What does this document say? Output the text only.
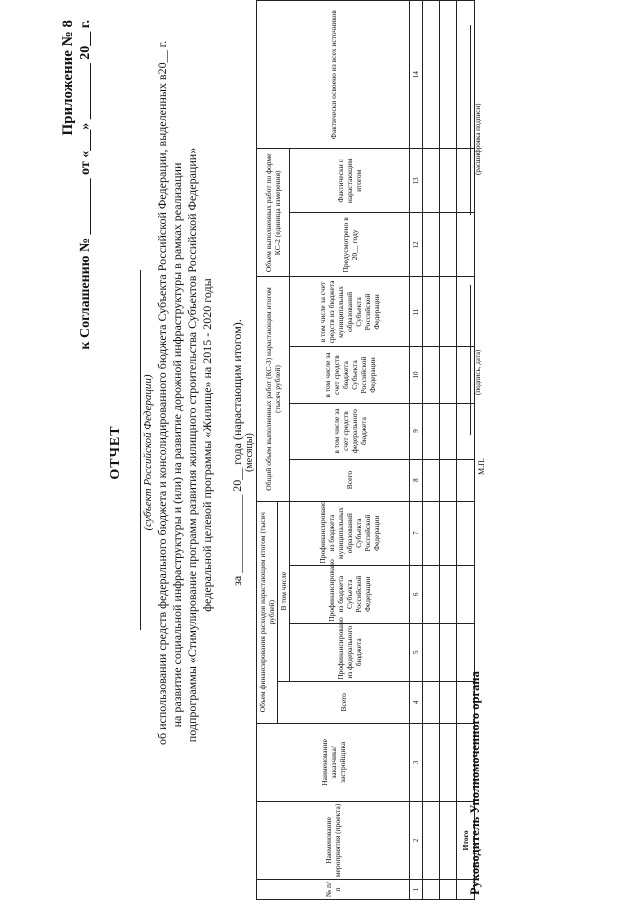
Приложение № 8 к Соглашению № ________ от «___» ________ 20__ г.
ОТЧЕТ (субъект Российской Федерации) об использовании средств федерального бюджета и консолидированного бюджета Субъекта Российской Федерации, выделенных в20__ г. на развитие социальной инфраструктуры и (или) на развитие дорожной инфраструктуры в рамках реализации подпрограммы «Стимулирование программ развития жилищного строительства Субъектов Российской Федерации» федеральной целевой программы «Жилище» на 2015 - 2020 годы за _____________ 20__ года (нарастающим итогом). (месяцы)
№ п/п	Наименование мероприятия (проекта)	Наименование заказчика/ застройщика	Объем финансирования расходов нарастающим итогом (тысяч рублей)				Общий объем выполненных работ (КС-3) нарастающим итогом (тысяч рублей)				Объем выполненных работ по форме КС-2 (единица измерения)		Фактически освоено из всех источников
			Всего	В том числе									
				Профинансировано из федерального бюджета	Профинансировано из бюджета Субъекта Российской Федерации	Профинансировано из бюджета муниципальных образований Субъекта Российской Федерации	Всего	в том числе за счет средств федерального бюджета	в том числе за счет средств бюджета Субъекта Российской Федерации	в том числе за счет средств из бюджета муниципальных образований Субъекта Российской Федерации	Предусмотрено в 20__ году	Фактически с нарастающим итогом	
1	2	3	4	5	6	7	8	9	10	11	12	13	14

	Итого												
Руководитель Уполномоченного органа
М.П.
(подпись, дата)
(расшифровка подписи)
